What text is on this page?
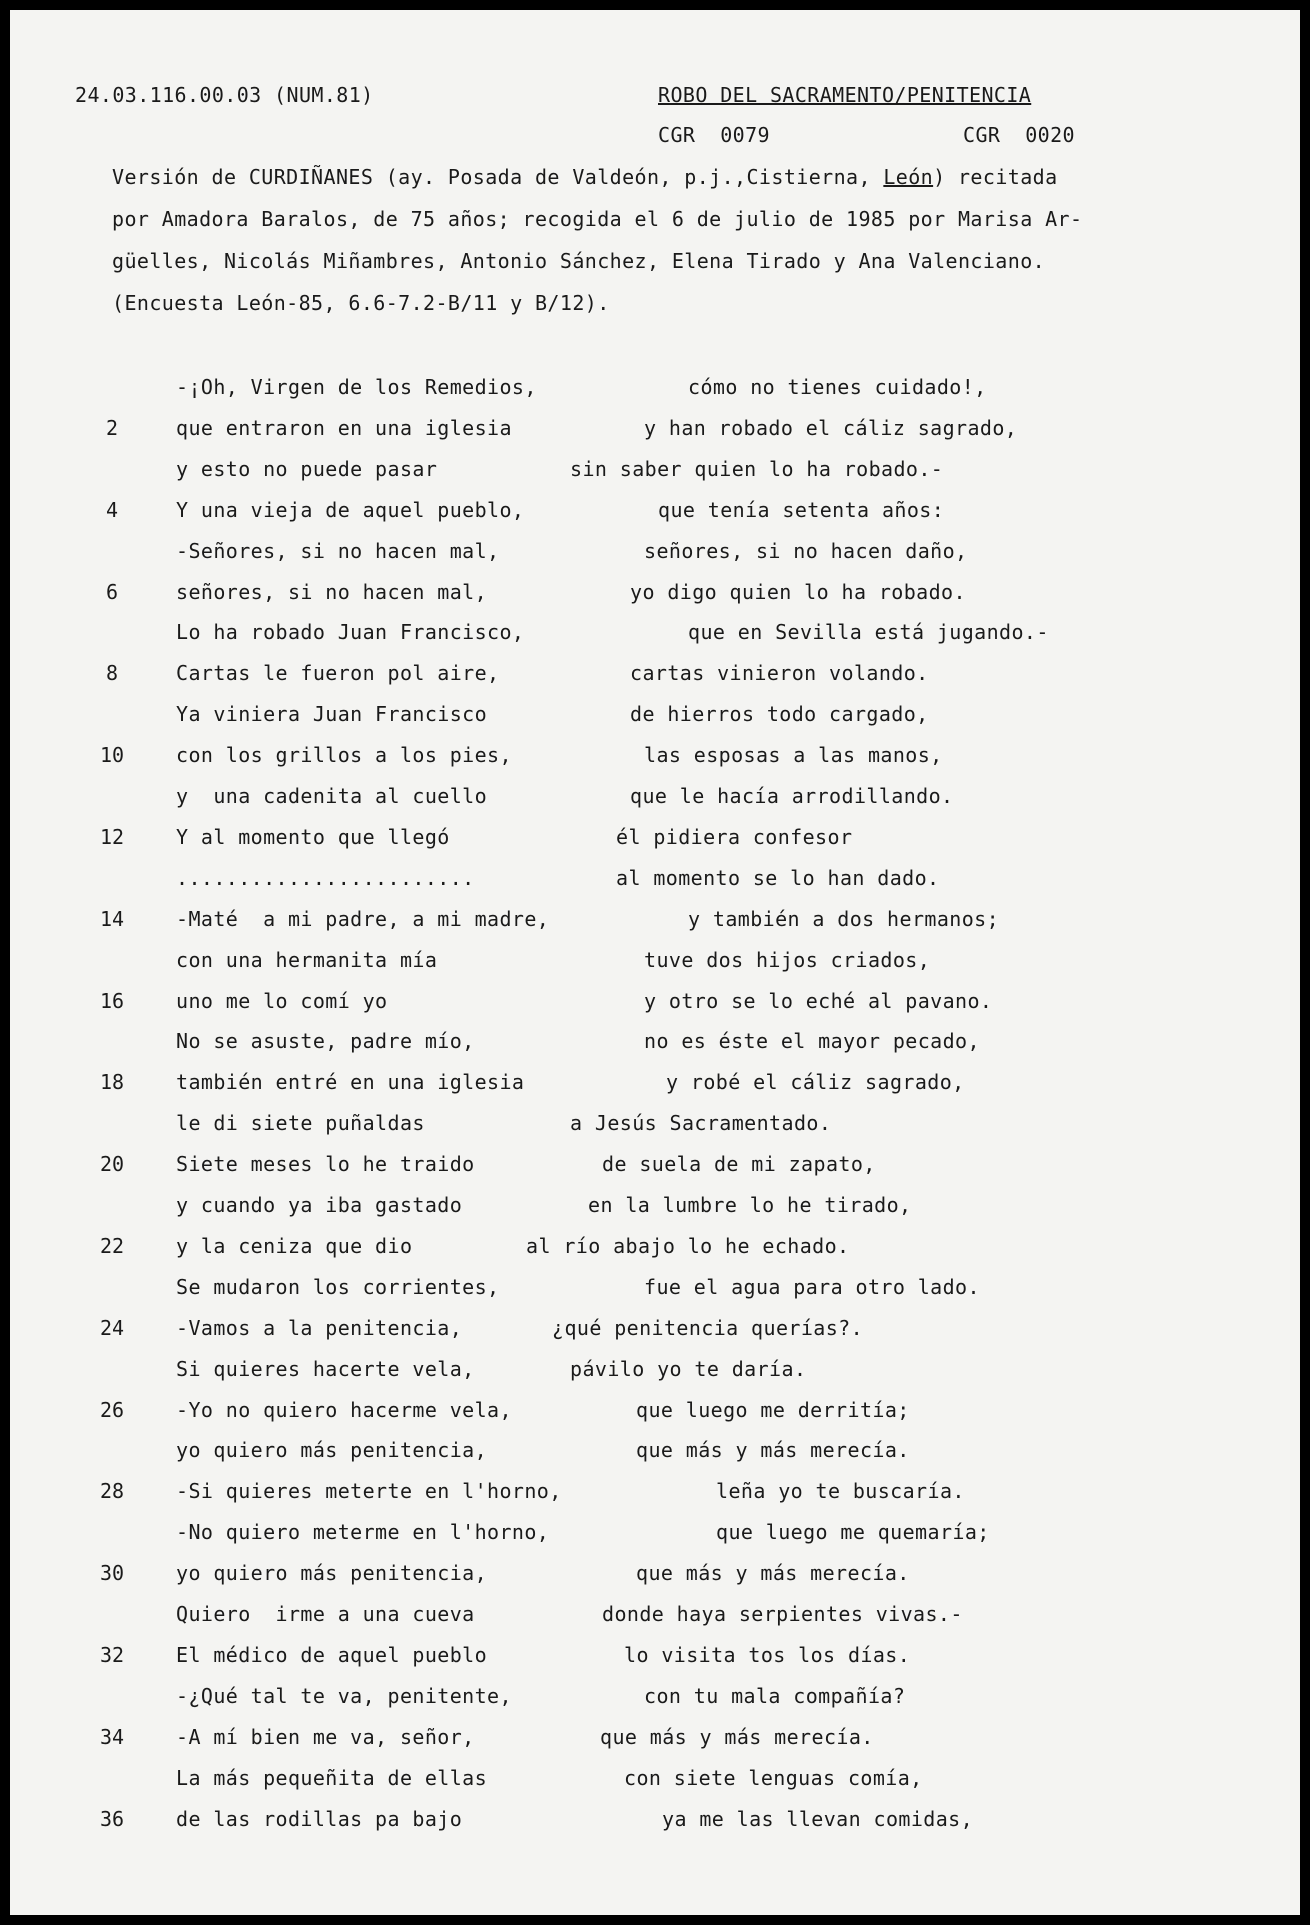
24.03.116.00.03 (NUM.81)	ROBO DEL SACRAMENTO/PENITENCIA
CGR  0079	CGR  0020
Versión de CURDIÑANES (ay. Posada de Valdeón, p.j.,Cistierna, León) recitada
por Amadora Baralos, de 75 años; recogida el 6 de julio de 1985 por Marisa Ar-
güelles, Nicolás Miñambres, Antonio Sánchez, Elena Tirado y Ana Valenciano.
(Encuesta León-85, 6.6-7.2-B/11 y B/12).
-¡Oh, Virgen de los Remedios,	cómo no tienes cuidado!,
2	que entraron en una iglesia	y han robado el cáliz sagrado,
y esto no puede pasar	sin saber quien lo ha robado.-
4	Y una vieja de aquel pueblo,	que tenía setenta años:
-Señores, si no hacen mal,	señores, si no hacen daño,
6	señores, si no hacen mal,	yo digo quien lo ha robado.
Lo ha robado Juan Francisco,	que en Sevilla está jugando.-
8	Cartas le fueron pol aire,	cartas vinieron volando.
Ya viniera Juan Francisco	de hierros todo cargado,
10	con los grillos a los pies,	las esposas a las manos,
y  una cadenita al cuello	que le hacía arrodillando.
12	Y al momento que llegó	él pidiera confesor
........................	al momento se lo han dado.
14	-Maté  a mi padre, a mi madre,	y también a dos hermanos;
con una hermanita mía	tuve dos hijos criados,
16	uno me lo comí yo	y otro se lo eché al pavano.
No se asuste, padre mío,	no es éste el mayor pecado,
18	también entré en una iglesia	y robé el cáliz sagrado,
le di siete puñaldas	a Jesús Sacramentado.
20	Siete meses lo he traido	de suela de mi zapato,
y cuando ya iba gastado	en la lumbre lo he tirado,
22	y la ceniza que dio	al río abajo lo he echado.
Se mudaron los corrientes,	fue el agua para otro lado.
24	-Vamos a la penitencia,	¿qué penitencia querías?.
Si quieres hacerte vela,	pávilo yo te daría.
26	-Yo no quiero hacerme vela,	que luego me derritía;
yo quiero más penitencia,	que más y más merecía.
28	-Si quieres meterte en l'horno,	leña yo te buscaría.
-No quiero meterme en l'horno,	que luego me quemaría;
30	yo quiero más penitencia,	que más y más merecía.
Quiero  irme a una cueva	donde haya serpientes vivas.-
32	El médico de aquel pueblo	lo visita tos los días.
-¿Qué tal te va, penitente,	con tu mala compañía?
34	-A mí bien me va, señor,	que más y más merecía.
La más pequeñita de ellas	con siete lenguas comía,
36	de las rodillas pa bajo	ya me las llevan comidas,
